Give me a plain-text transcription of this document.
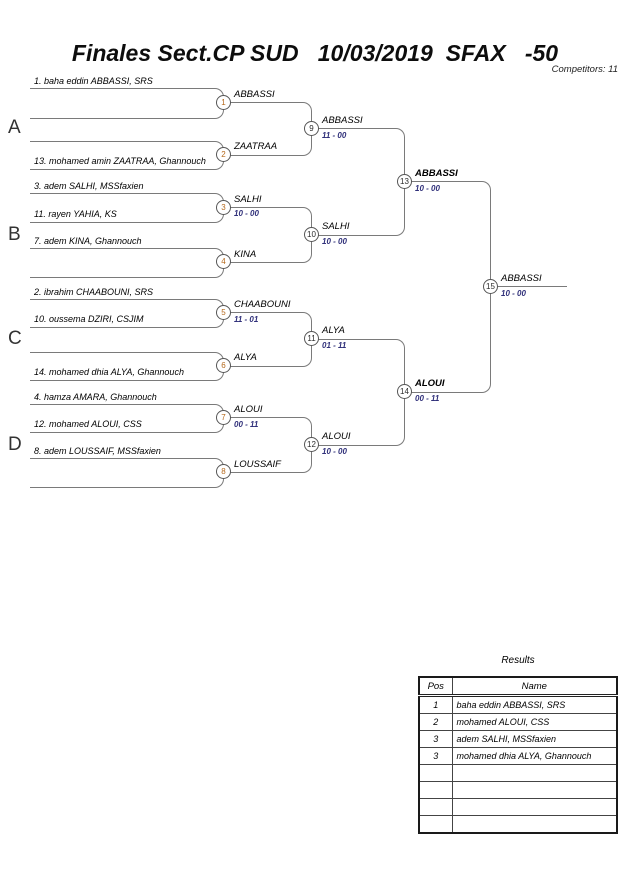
Finales Sect.CP SUD   10/03/2019  SFAX   -50
Competitors: 11
A
B
C
D
1. baha eddin ABBASSI, SRS
13. mohamed amin ZAATRAA, Ghannouch
3. adem SALHI, MSSfaxien
11. rayen YAHIA, KS
7. adem KINA, Ghannouch
2. ibrahim CHAABOUNI, SRS
10. oussema DZIRI, CSJIM
14. mohamed dhia ALYA, Ghannouch
4. hamza AMARA, Ghannouch
12. mohamed ALOUI, CSS
8. adem LOUSSAIF, MSSfaxien
1
2
3
4
5
6
7
8
9
10
11
12
13
14
15
ABBASSI
ZAATRAA
SALHI
KINA
CHAABOUNI
ALYA
ALOUI
LOUSSAIF
ABBASSI
SALHI
ALYA
ALOUI
ABBASSI
ALOUI
ABBASSI
10 - 00
11 - 01
00 - 11
11 - 00
10 - 00
01 - 11
10 - 00
10 - 00
00 - 11
10 - 00
Results
Pos	Name
1	baha eddin ABBASSI, SRS
2	mohamed ALOUI, CSS
3	adem SALHI, MSSfaxien
3	mohamed dhia ALYA, Ghannouch
